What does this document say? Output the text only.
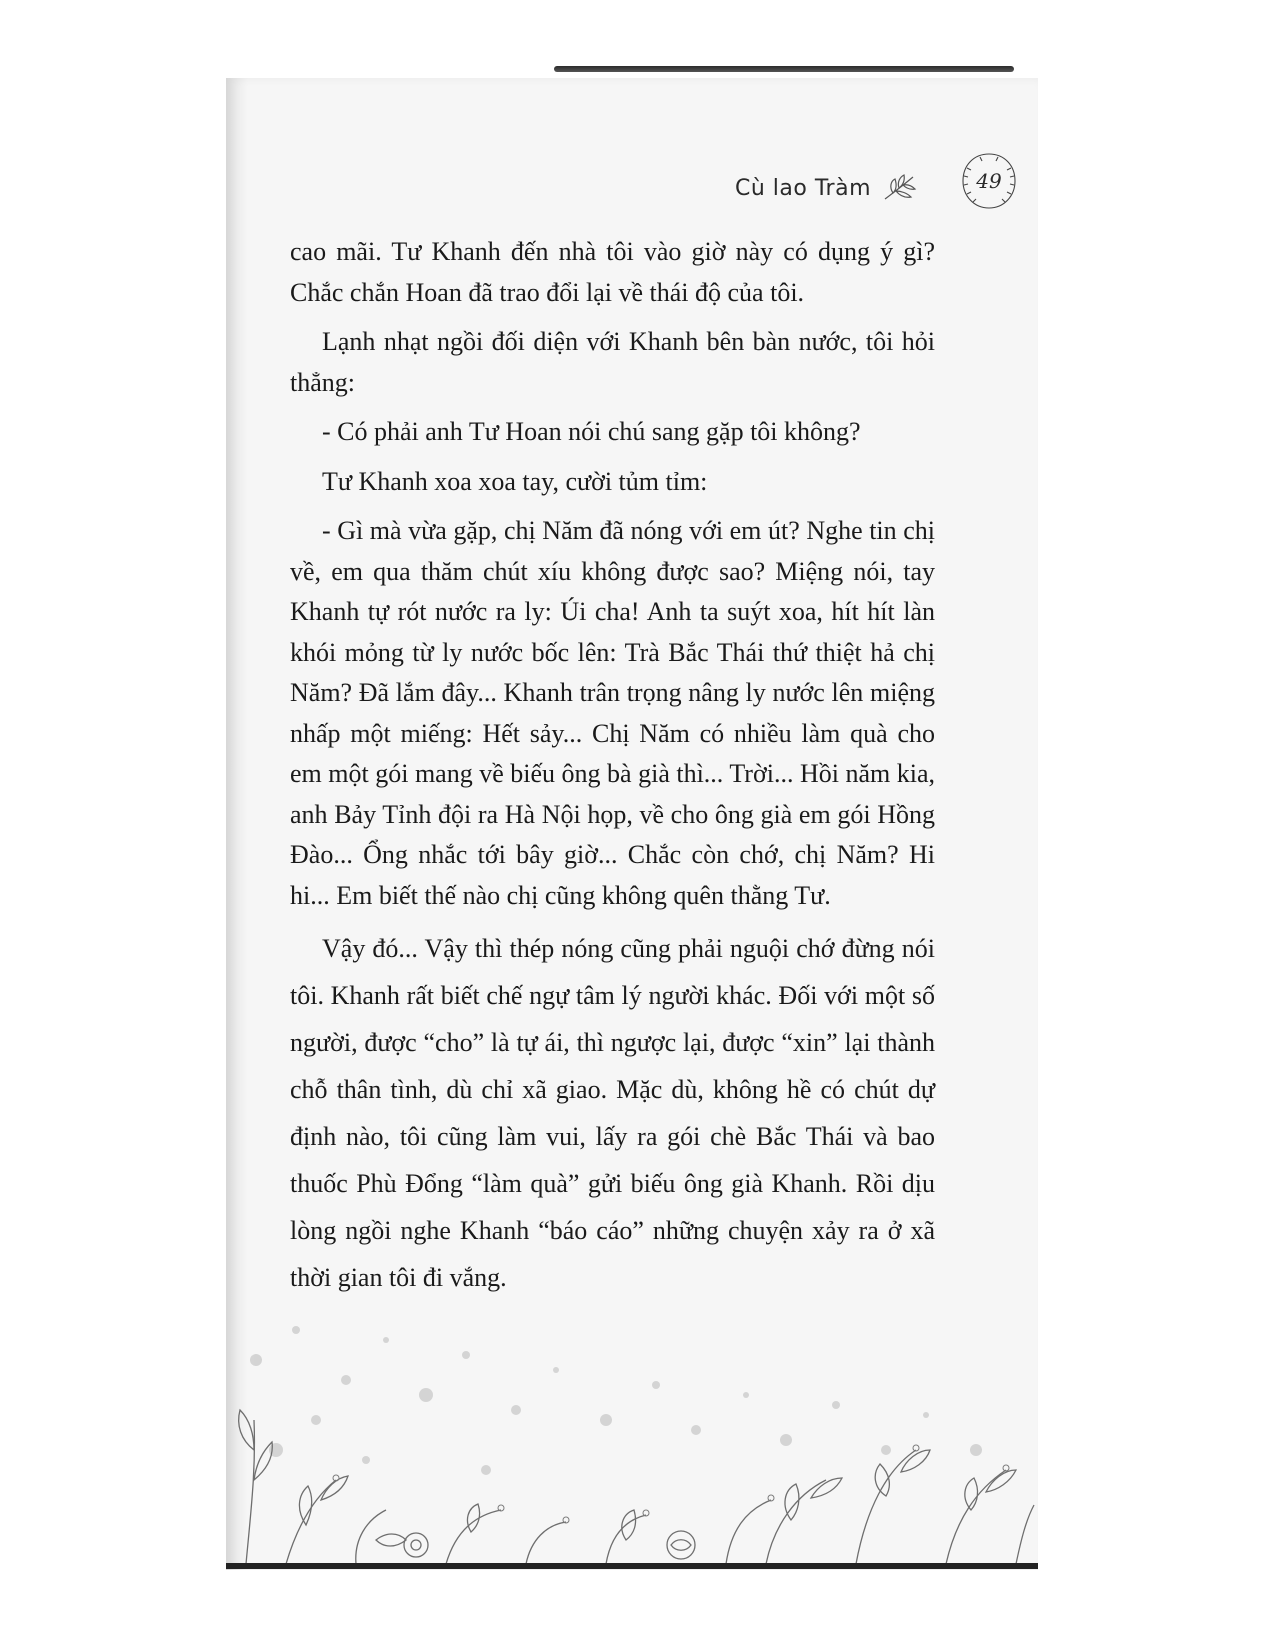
Cù lao Tràm	49

cao mãi. Tư Khanh đến nhà tôi vào giờ này có dụng ý gì? Chắc chắn Hoan đã trao đổi lại về thái độ của tôi.

Lạnh nhạt ngồi đối diện với Khanh bên bàn nước, tôi hỏi thẳng:

- Có phải anh Tư Hoan nói chú sang gặp tôi không?

Tư Khanh xoa xoa tay, cười tủm tỉm:

- Gì mà vừa gặp, chị Năm đã nóng với em út? Nghe tin chị về, em qua thăm chút xíu không được sao? Miệng nói, tay Khanh tự rót nước ra ly: Úi cha! Anh ta suýt xoa, hít hít làn khói mỏng từ ly nước bốc lên: Trà Bắc Thái thứ thiệt hả chị Năm? Đã lắm đây... Khanh trân trọng nâng ly nước lên miệng nhấp một miếng: Hết sảy... Chị Năm có nhiều làm quà cho em một gói mang về biếu ông bà già thì... Trời... Hồi năm kia, anh Bảy Tỉnh đội ra Hà Nội họp, về cho ông già em gói Hồng Đào... Ổng nhắc tới bây giờ... Chắc còn chớ, chị Năm? Hi hi... Em biết thế nào chị cũng không quên thằng Tư.

Vậy đó... Vậy thì thép nóng cũng phải nguội chớ đừng nói tôi. Khanh rất biết chế ngự tâm lý người khác. Đối với một số người, được “cho” là tự ái, thì ngược lại, được “xin” lại thành chỗ thân tình, dù chỉ xã giao. Mặc dù, không hề có chút dự định nào, tôi cũng làm vui, lấy ra gói chè Bắc Thái và bao thuốc Phù Đổng “làm quà” gửi biếu ông già Khanh. Rồi dịu lòng ngồi nghe Khanh “báo cáo” những chuyện xảy ra ở xã thời gian tôi đi vắng.
